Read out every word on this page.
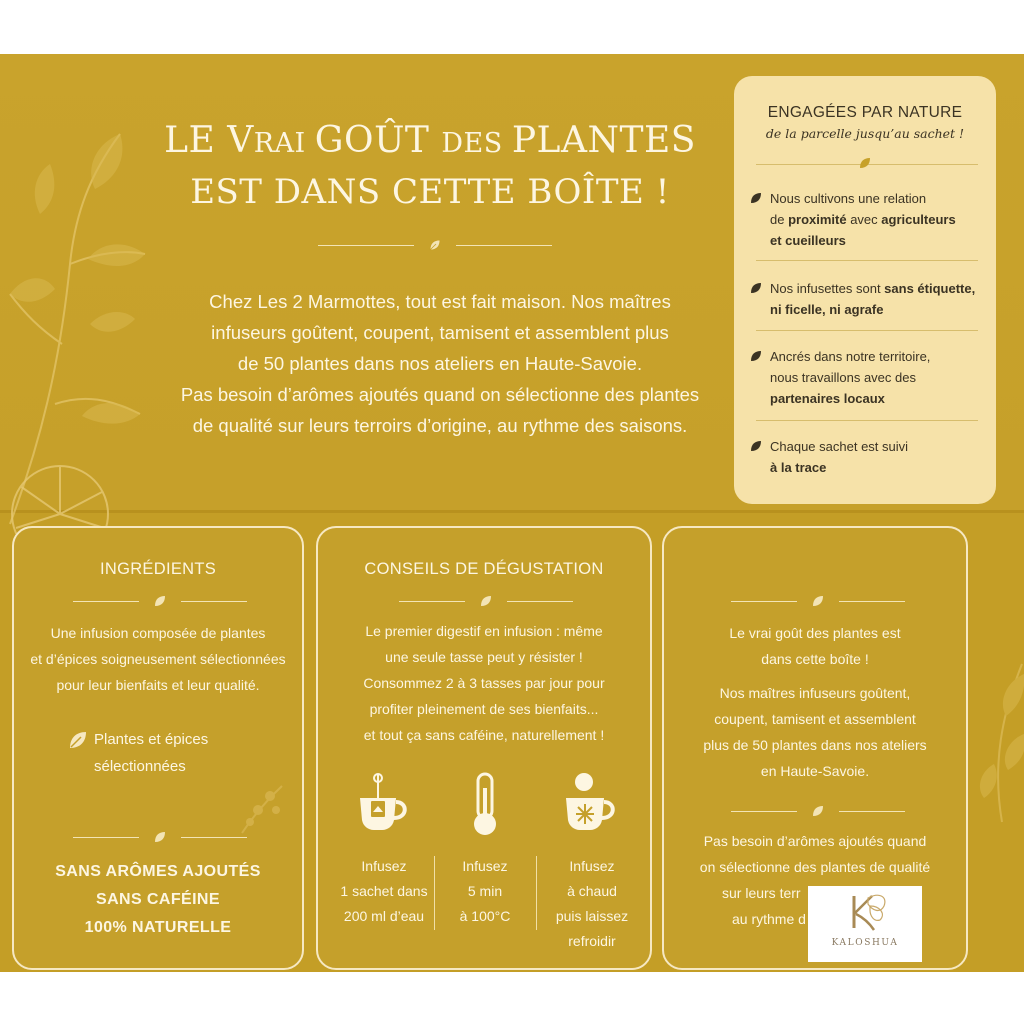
LE VRAI GOÛT DES PLANTES
EST DANS CETTE BOÎTE !
Chez Les 2 Marmottes, tout est fait maison. Nos maîtres
infuseurs goûtent, coupent, tamisent et assemblent plus
de 50 plantes dans nos ateliers en Haute-Savoie.
Pas besoin d’arômes ajoutés quand on sélectionne des plantes
de qualité sur leurs terroirs d’origine, au rythme des saisons.
ENGAGÉES PAR NATURE
de la parcelle jusqu’au sachet !
Nous cultivons une relation
de proximité avec agriculteurs
et cueilleurs
Nos infusettes sont sans étiquette,
ni ficelle, ni agrafe
Ancrés dans notre territoire,
nous travaillons avec des
partenaires locaux
Chaque sachet est suivi
à la trace
INGRÉDIENTS
Une infusion composée de plantes
et d’épices soigneusement sélectionnées
pour leur bienfaits et leur qualité.
Plantes et épices
sélectionnées
SANS ARÔMES AJOUTÉS
SANS CAFÉINE
100% NATURELLE
CONSEILS DE DÉGUSTATION
Le premier digestif en infusion : même
une seule tasse peut y résister !
Consommez 2 à 3 tasses par jour pour
profiter pleinement de ses bienfaits...
et tout ça sans caféine, naturellement !
Infusez
1 sachet dans
200 ml d’eau
Infusez
5 min
à 100°C
Infusez
à chaud
puis laissez
refroidir
Le vrai goût des plantes est
dans cette boîte !
Nos maîtres infuseurs goûtent,
coupent, tamisent et assemblent
plus de 50 plantes dans nos ateliers
en Haute-Savoie.
Pas besoin d’arômes ajoutés quand
on sélectionne des plantes de qualité
sur leurs terr
au rythme d
KALOSHUA
